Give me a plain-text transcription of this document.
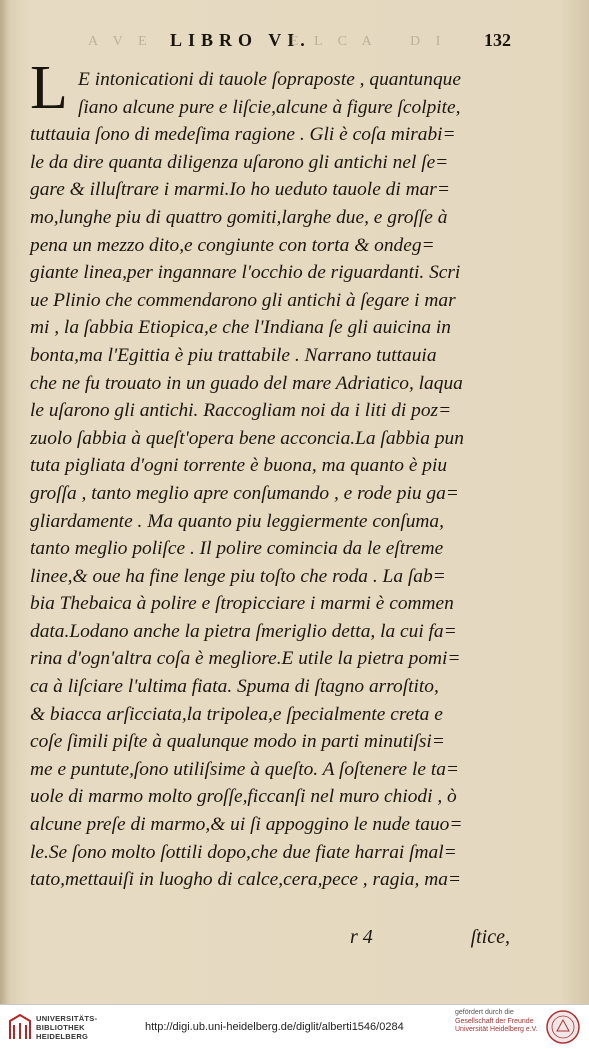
A V E LIBRO VI.
E L C A D I 132
L E intonicationi di tauole ſopraposte , quantunque
ſiano alcune pure e liſcie,alcune à figure ſcolpite,
tuttauia ſono di medeſima ragione . Gli è coſa mirabi=
le da dire quanta diligenza uſarono gli antichi nel ſe=
gare & illuſtrare i marmi.Io ho ueduto tauole di mar=
mo,lunghe piu di quattro gomiti,larghe due, e groſſe à
pena un mezzo dito,e congiunte con torta & ondeg=
giante linea,per ingannare l'occhio de riguardanti. Scri
ue Plinio che commendarono gli antichi à ſegare i mar
mi , la ſabbia Etiopica,e che l'Indiana ſe gli auicina in
bonta,ma l'Egittia è piu trattabile . Narrano tuttauia
che ne fu trouato in un guado del mare Adriatico, laqua
le uſarono gli antichi. Raccogliam noi da i liti di poz=
zuolo ſabbia à queſt'opera bene acconcia.La ſabbia pun
tuta pigliata d'ogni torrente è buona, ma quanto è piu
groſſa , tanto meglio apre conſumando , e rode piu ga=
gliardamente . Ma quanto piu leggiermente conſuma,
tanto meglio poliſce . Il polire comincia da le eſtreme
linee,& oue ha fine lenge piu toſto che roda . La ſab=
bia Thebaica à polire e ſtropicciare i marmi è commen
data.Lodano anche la pietra ſmeriglio detta, la cui fa=
rina d'ogn'altra coſa è megliore.E utile la pietra pomi=
ca à liſciare l'ultima fiata. Spuma di ſtagno arroſtito,
& biacca arſicciata,la tripolea,e ſpecialmente creta e
coſe ſimili piſte à qualunque modo in parti minutiſsi=
me e puntute,ſono utiliſsime à queſto. A ſoſtenere le ta=
uole di marmo molto groſſe,ficcanſi nel muro chiodi , ò
alcune preſe di marmo,& ui ſi appoggino le nude tauo=
le.Se ſono molto ſottili dopo,che due fiate harrai ſmal=
tato,mettauiſi in luogho di calce,cera,pece , ragia, ma=
r 4	ſtice,
UNIVERSITÄTS-
BIBLIOTHEK
HEIDELBERG
http://digi.ub.uni-heidelberg.de/diglit/alberti1546/0284
gefördert durch die
Gesellschaft der Freunde
Universität Heidelberg e.V.
